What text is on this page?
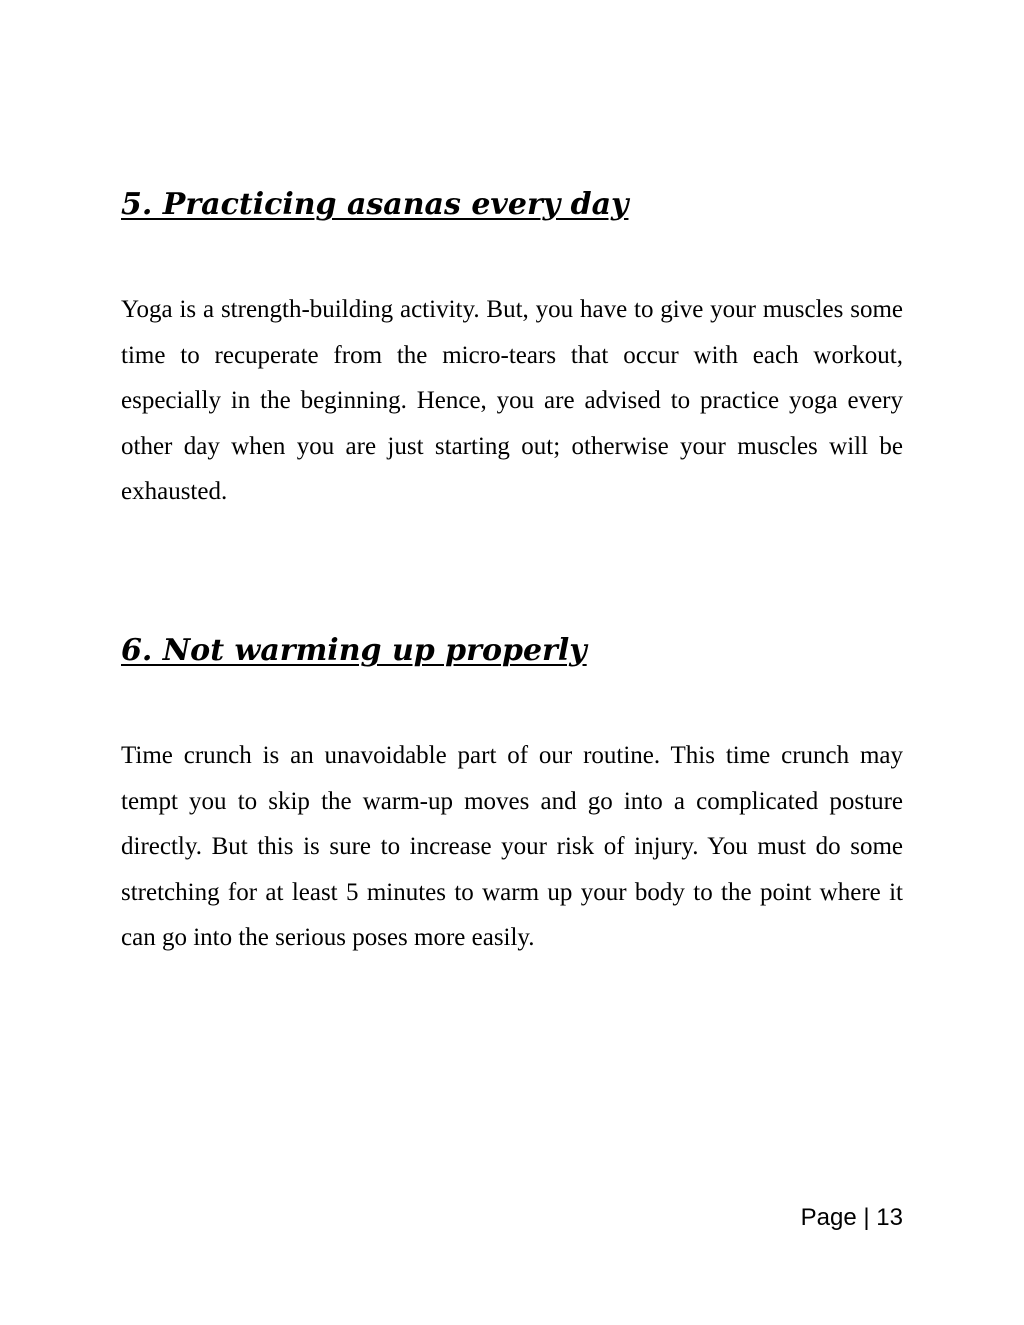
5. Practicing asanas every day

Yoga is a strength-building activity. But, you have to give your muscles some time to recuperate from the micro-tears that occur with each workout, especially in the beginning. Hence, you are advised to practice yoga every other day when you are just starting out; otherwise your muscles will be exhausted.

6. Not warming up properly

Time crunch is an unavoidable part of our routine. This time crunch may tempt you to skip the warm-up moves and go into a complicated posture directly. But this is sure to increase your risk of injury. You must do some stretching for at least 5 minutes to warm up your body to the point where it can go into the serious poses more easily.

Page | 13
